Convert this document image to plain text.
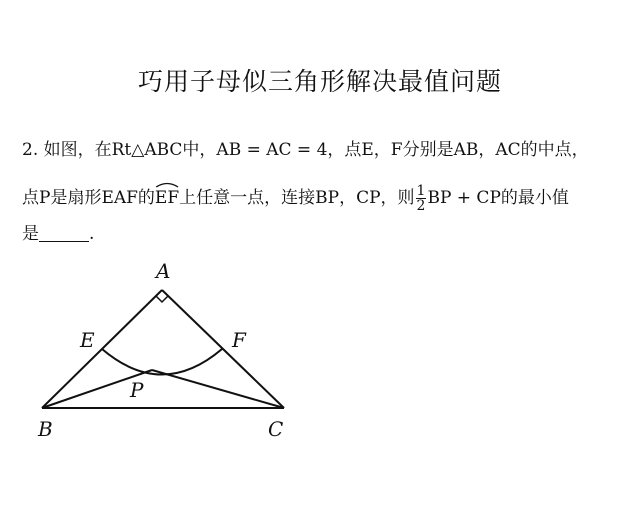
巧用子母似三角形解决最值问题
2. 如图，在Rt△ABC中，AB = AC = 4，点E，F分别是AB，AC的中点，
点P是扇形EAF的
EF上任意一点，连接BP，CP，则 $\frac{1}{2}$ BP + CP的最小值
是	.
A
E	F
P
B	C
